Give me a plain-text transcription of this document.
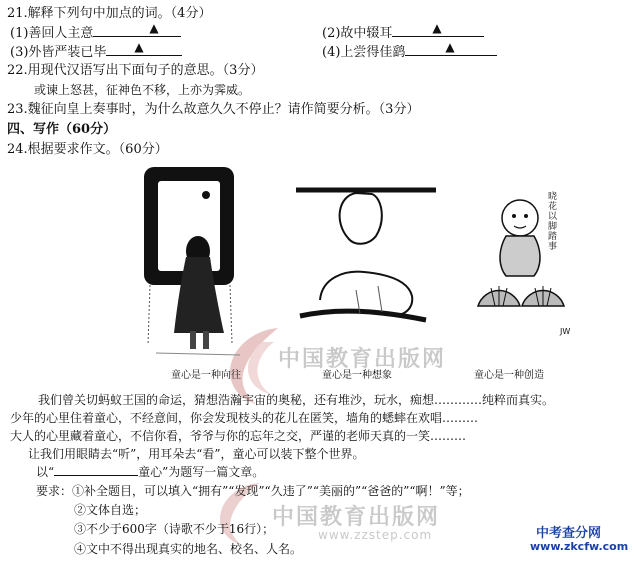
中国教育出版网
中国教育出版网
www.zzstep.com
21.解释下列句中加点的词。（4分）
(1)善回人主意	▲	(2)故中辍耳	▲
(3)外皆严装已毕 ▲	(4)上尝得佳鹞	▲
22.用现代汉语写出下面句子的意思。（3分）
或谏上怒甚，征神色不移，上亦为霁威。
23.魏征向皇上奏事时，为什么故意久久不停止？请作简要分析。（3分）
四、写作（60分）
24.根据要求作文。（60分）
晓花以脚踏事
JW
童心是一种向往	童心是一种想象	童心是一种创造
我们曾关切蚂蚁王国的命运，猜想浩瀚宇宙的奥秘，还有堆沙，玩水，痴想…………纯粹而真实。
少年的心里住着童心，不经意间，你会发现枝头的花儿在匿笑，墙角的蟋蟀在欢唱………
大人的心里藏着童心，不信你看，爷爷与你的忘年之交，严谨的老师天真的一笑………
让我们用眼睛去“听”，用耳朵去“看”，童心可以装下整个世界。
以“	童心”为题写一篇文章。
要求：①补全题目，可以填入“拥有”“发现”“久违了”“美丽的”“爸爸的”“啊！”等；
②文体自选；
③不少于600字（诗歌不少于16行）；
④文中不得出现真实的地名、校名、人名。
中考查分网
www.zkcfw.com
